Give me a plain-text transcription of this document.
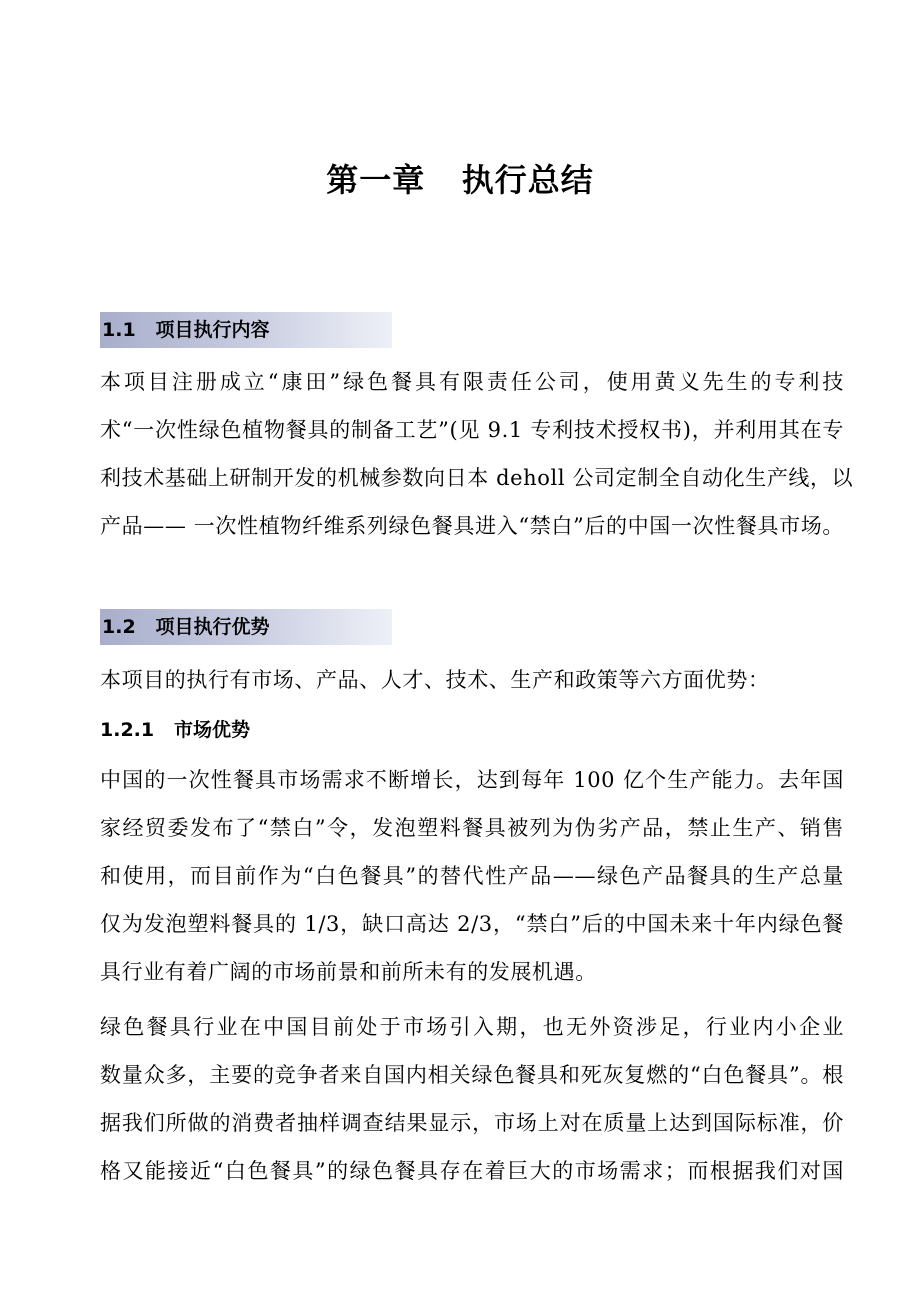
第一章   执行总结
1.1   项目执行内容
本项目注册成立“康田”绿色餐具有限责任公司，使用黄义先生的专利技
术“一次性绿色植物餐具的制备工艺”(见 9.1 专利技术授权书)，并利用其在专
利技术基础上研制开发的机械参数向日本 deholl 公司定制全自动化生产线，以
产品—— 一次性植物纤维系列绿色餐具进入“禁白”后的中国一次性餐具市场。
1.2   项目执行优势
本项目的执行有市场、产品、人才、技术、生产和政策等六方面优势：
1.2.1   市场优势
中国的一次性餐具市场需求不断增长，达到每年 100 亿个生产能力。去年国
家经贸委发布了“禁白”令，发泡塑料餐具被列为伪劣产品，禁止生产、销售
和使用，而目前作为“白色餐具”的替代性产品——绿色产品餐具的生产总量
仅为发泡塑料餐具的 1/3，缺口高达 2/3，“禁白”后的中国未来十年内绿色餐
具行业有着广阔的市场前景和前所未有的发展机遇。
绿色餐具行业在中国目前处于市场引入期，也无外资涉足，行业内小企业
数量众多，主要的竞争者来自国内相关绿色餐具和死灰复燃的“白色餐具”。根
据我们所做的消费者抽样调查结果显示，市场上对在质量上达到国际标准，价
格又能接近“白色餐具”的绿色餐具存在着巨大的市场需求；而根据我们对国
